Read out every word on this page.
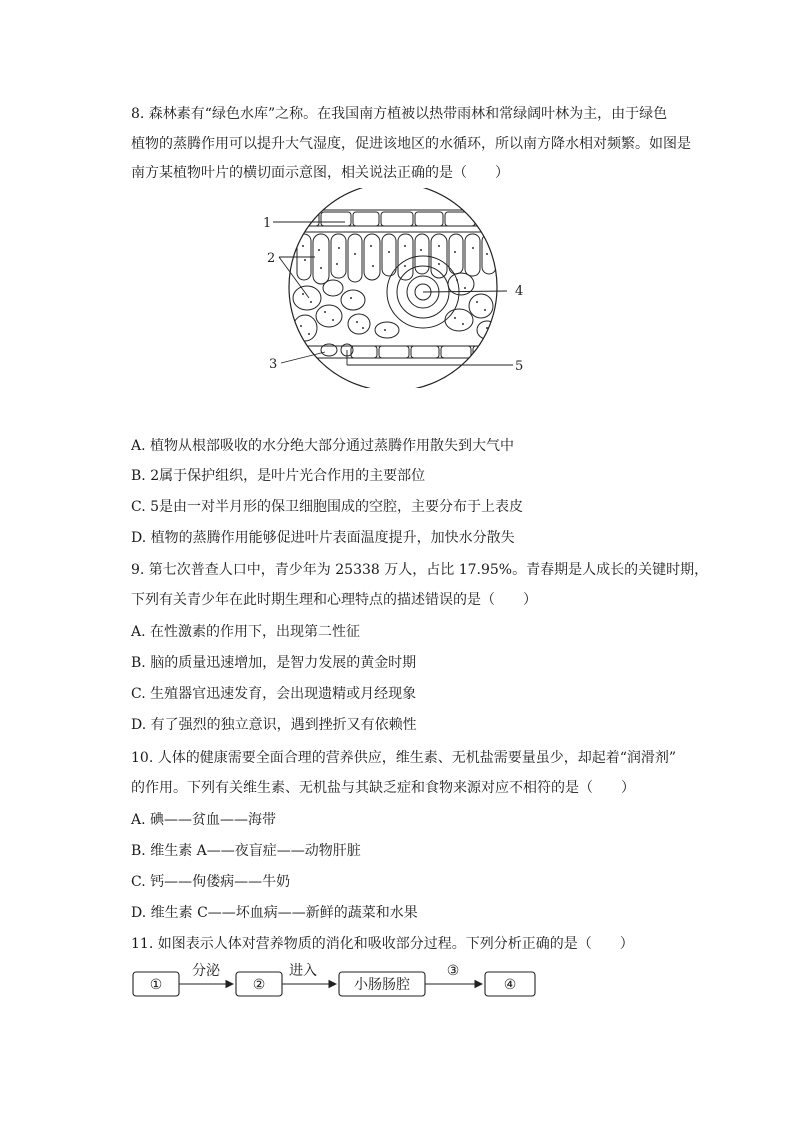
8. 森林素有“绿色水库”之称。在我国南方植被以热带雨林和常绿阔叶林为主，由于绿色
植物的蒸腾作用可以提升大气湿度，促进该地区的水循环，所以南方降水相对频繁。如图是
南方某植物叶片的横切面示意图，相关说法正确的是（　　）
1
2
3
4
5
A. 植物从根部吸收的水分绝大部分通过蒸腾作用散失到大气中
B. 2属于保护组织，是叶片光合作用的主要部位
C. 5是由一对半月形的保卫细胞围成的空腔，主要分布于上表皮
D. 植物的蒸腾作用能够促进叶片表面温度提升，加快水分散失
9. 第七次普查人口中，青少年为 25338 万人，占比 17.95%。青春期是人成长的关键时期，
下列有关青少年在此时期生理和心理特点的描述错误的是（　　）
A. 在性激素的作用下，出现第二性征
B. 脑的质量迅速增加，是智力发展的黄金时期
C. 生殖器官迅速发育，会出现遗精或月经现象
D. 有了强烈的独立意识，遇到挫折又有依赖性
10. 人体的健康需要全面合理的营养供应，维生素、无机盐需要量虽少，却起着“润滑剂”
的作用。下列有关维生素、无机盐与其缺乏症和食物来源对应不相符的是（　　）
A. 碘——贫血——海带
B. 维生素 A——夜盲症——动物肝脏
C. 钙——佝偻病——牛奶
D. 维生素 C——坏血病——新鲜的蔬菜和水果
11. 如图表示人体对营养物质的消化和吸收部分过程。下列分析正确的是（　　）
①	②	小肠肠腔	④
分泌	进入	③
